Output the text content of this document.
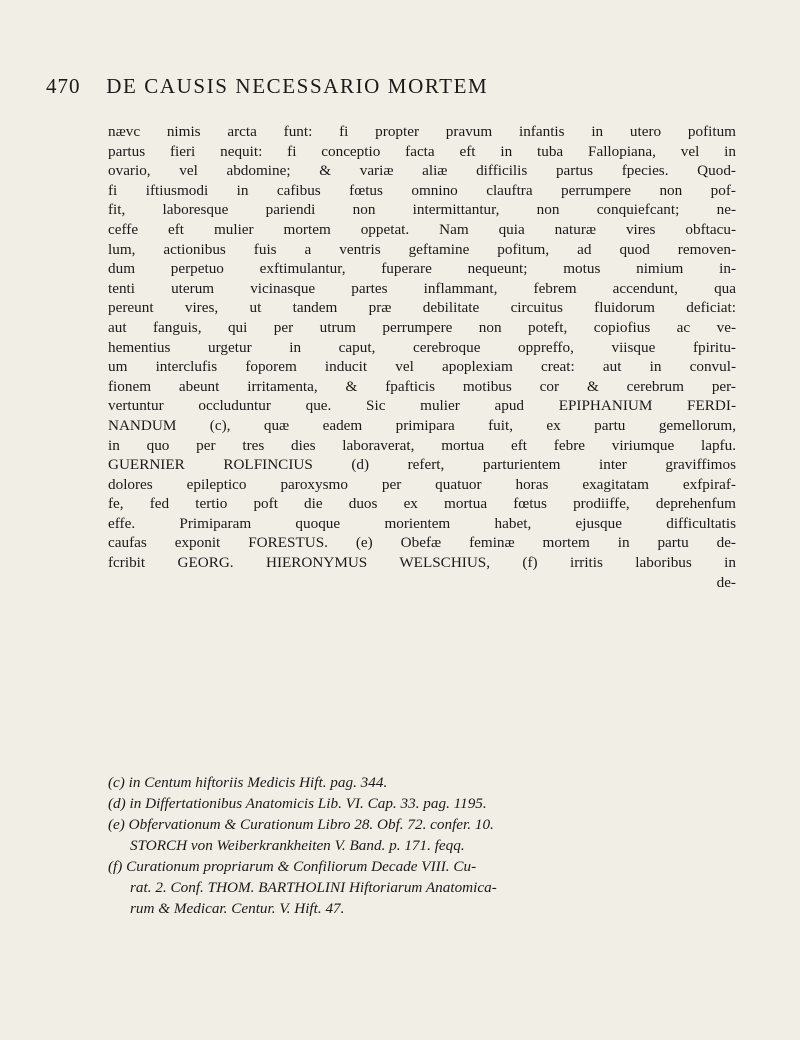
470 DE CAUSIS NECESSARIO MORTEM
nævc nimis arcta funt: fi propter pravum infantis in utero pofitum
partus fieri nequit: fi conceptio facta eft in tuba Fallopiana, vel in
ovario, vel abdomine; & variæ aliæ difficilis partus fpecies. Quod-
fi iftiusmodi in cafibus fœtus omnino clauftra perrumpere non pof-
fit, laboresque pariendi non intermittantur, non conquiefcant; ne-
ceffe eft mulier mortem oppetat. Nam quia naturæ vires obftacu-
lum, actionibus fuis a ventris geftamine pofitum, ad quod removen-
dum perpetuo exftimulantur, fuperare nequeunt; motus nimium in-
tenti uterum vicinasque partes inflammant, febrem accendunt, qua
pereunt vires, ut tandem præ debilitate circuitus fluidorum deficiat:
aut fanguis, qui per utrum perrumpere non poteft, copiofius ac ve-
hementius urgetur in caput, cerebroque oppreffo, viisque fpiritu-
um interclufis foporem inducit vel apoplexiam creat: aut in convul-
fionem abeunt irritamenta, & fpafticis motibus cor & cerebrum per-
vertuntur occluduntur que. Sic mulier apud EPIPHANIUM FERDI-
NANDUM (c), quæ eadem primipara fuit, ex partu gemellorum,
in quo per tres dies laboraverat, mortua eft febre viriumque lapfu.
GUERNIER ROLFINCIUS (d) refert, parturientem inter graviffimos
dolores epileptico paroxysmo per quatuor horas exagitatam exfpiraf-
fe, fed tertio poft die duos ex mortua fœtus prodiiffe, deprehenfum
effe. Primiparam quoque morientem habet, ejusque difficultatis
caufas exponit FORESTUS. (e) Obefæ feminæ mortem in partu de-
fcribit GEORG. HIERONYMUS WELSCHIUS, (f) irritis laboribus in
de-
(c) in Centum hiftoriis Medicis Hift. pag. 344.
(d) in Differtationibus Anatomicis Lib. VI. Cap. 33. pag. 1195.
(e) Obfervationum & Curationum Libro 28. Obf. 72. confer. 10.
STORCH von Weiberkrankheiten V. Band. p. 171. feqq.
(f) Curationum propriarum & Confiliorum Decade VIII. Cu-
rat. 2. Conf. THOM. BARTHOLINI Hiftoriarum Anatomica-
rum & Medicar. Centur. V. Hift. 47.
